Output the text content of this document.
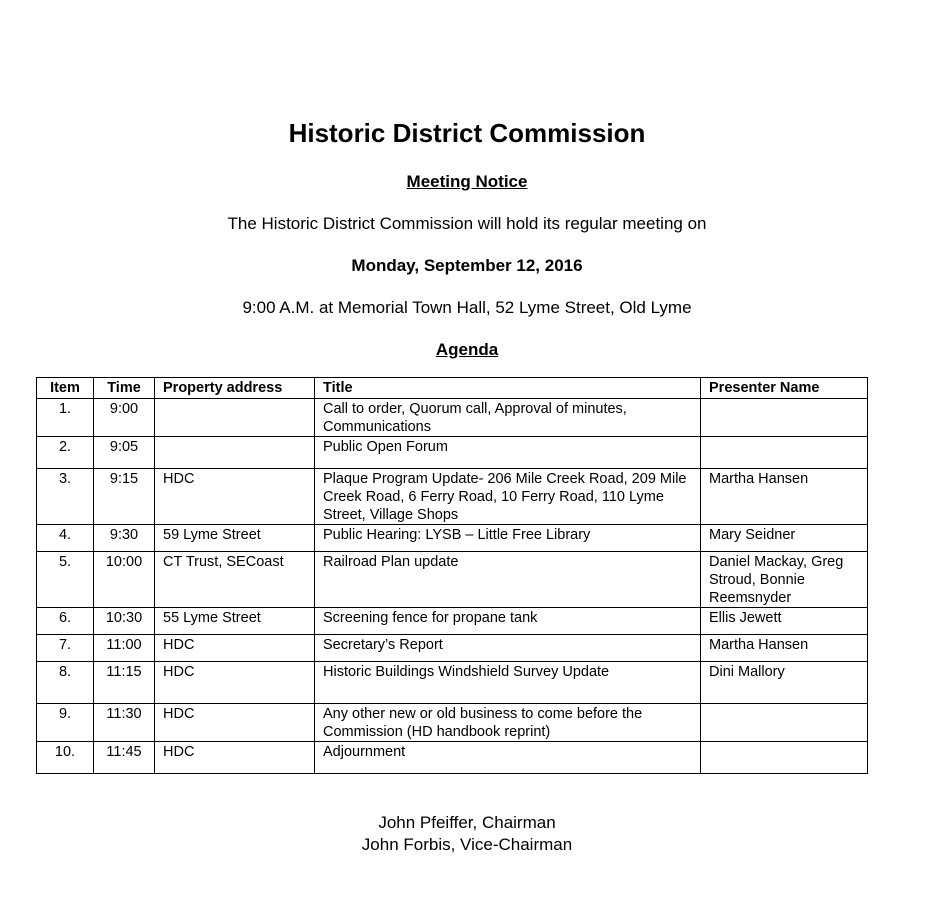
Historic District Commission
Meeting Notice
The Historic District Commission will hold its regular meeting on
Monday, September 12, 2016
9:00 A.M. at Memorial Town Hall, 52 Lyme Street, Old Lyme
Agenda
Item	Time	Property address	Title	Presenter Name
1.	9:00		Call to order, Quorum call, Approval of minutes, Communications	
2.	9:05		Public Open Forum	
3.	9:15	HDC	Plaque Program Update- 206 Mile Creek Road, 209 Mile Creek Road, 6 Ferry Road, 10 Ferry Road, 110 Lyme Street, Village Shops	Martha Hansen
4.	9:30	59 Lyme Street	Public Hearing: LYSB – Little Free Library	Mary Seidner
5.	10:00	CT Trust, SECoast	Railroad Plan update	Daniel Mackay, Greg Stroud, Bonnie Reemsnyder
6.	10:30	55 Lyme Street	Screening fence for propane tank	Ellis Jewett
7.	11:00	HDC	Secretary’s Report	Martha Hansen
8.	11:15	HDC	Historic Buildings Windshield Survey Update	Dini Mallory
9.	11:30	HDC	Any other new or old business to come before the Commission (HD handbook reprint)	
10.	11:45	HDC	Adjournment	
John Pfeiffer, Chairman
John Forbis, Vice-Chairman
